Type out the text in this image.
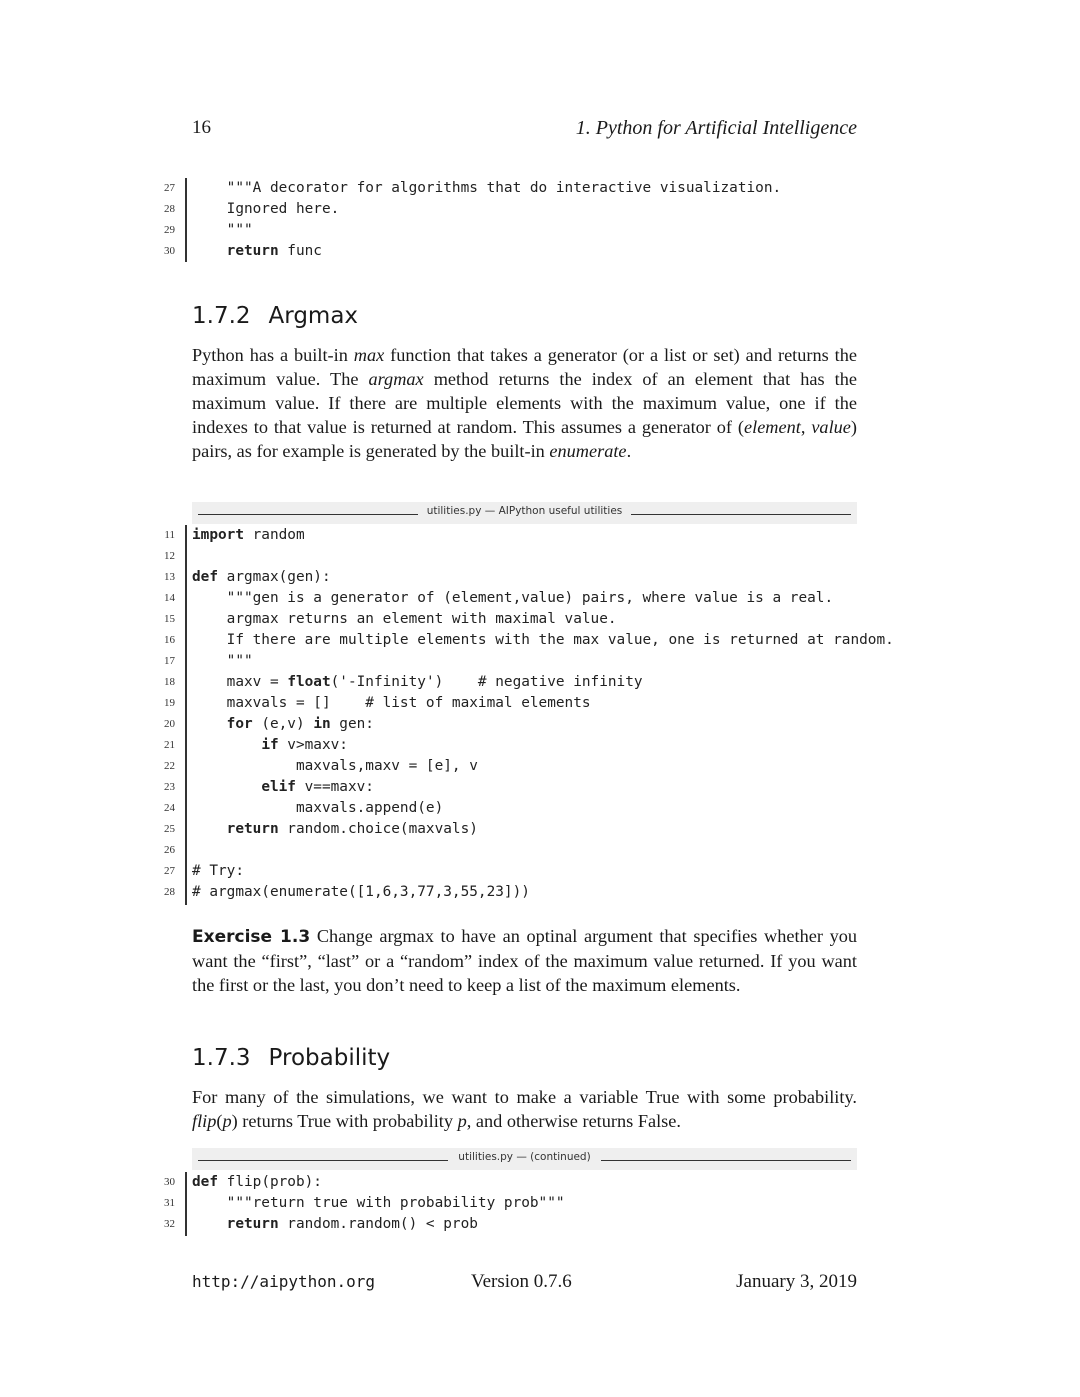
16	1. Python for Artificial Intelligence
27 """A decorator for algorithms that do interactive visualization.
28 Ignored here.
29 """
30	return func
1.7.2 Argmax

Python has a built-in max function that takes a generator (or a list or set) and returns the maximum value. The argmax method returns the index of an element that has the maximum value. If there are multiple elements with the maximum value, one if the indexes to that value is returned at random. This assumes a generator of (element, value) pairs, as for example is generated by the built-in enumerate.

utilities.py — AIPython useful utilities
11 import random
12
13 def argmax(gen):
14 """gen is a generator of (element,value) pairs, where value is a real.
15 argmax returns an element with maximal value.
16 If there are multiple elements with the max value, one is returned at random.
17 """
18 maxv = float('-Infinity')    # negative infinity
19 maxvals = []    # list of maximal elements
20	for (e,v) in gen:
21	if v>maxv:
22 maxvals,maxv = [e], v
23	elif v==maxv:
24 maxvals.append(e)
25	return random.choice(maxvals)
26
27 # Try:
28 # argmax(enumerate([1,6,3,77,3,55,23]))

Exercise 1.3 Change argmax to have an optinal argument that specifies whether you want the “first”, “last” or a “random” index of the maximum value returned. If you want the first or the last, you don’t need to keep a list of the maximum elements.

1.7.3 Probability

For many of the simulations, we want to make a variable True with some probability. flip(p) returns True with probability p, and otherwise returns False.

utilities.py — (continued)
30 def flip(prob):
31 """return true with probability prob"""
32	return random.random() < prob
http://aipython.org	Version 0.7.6	January 3, 2019
